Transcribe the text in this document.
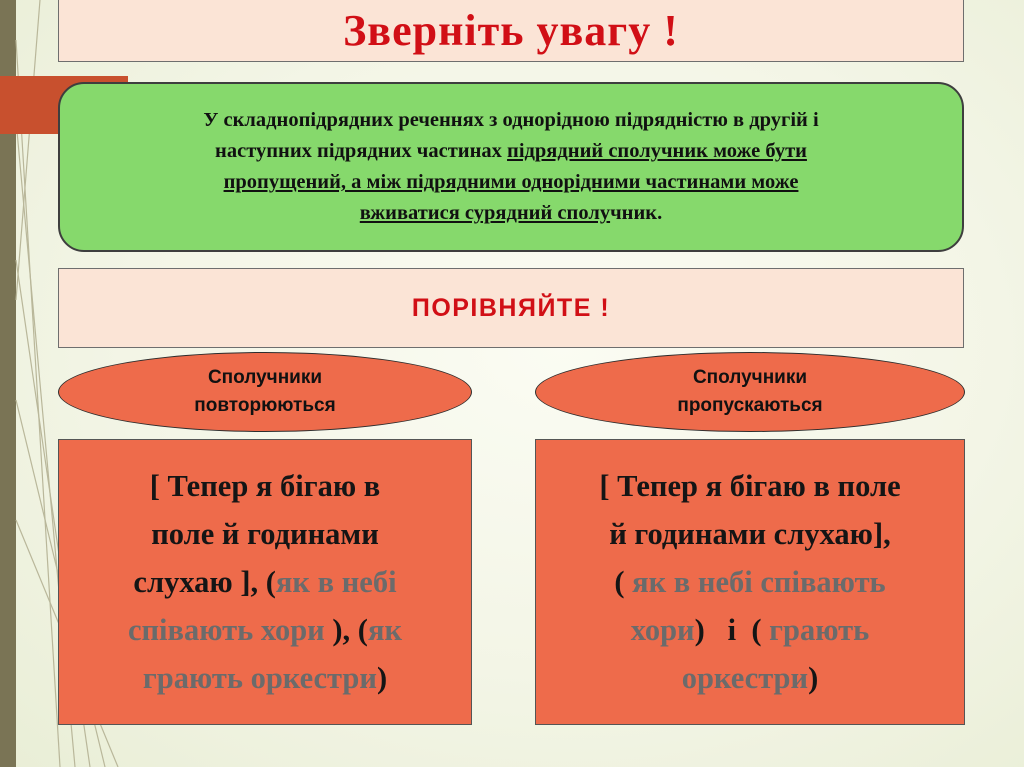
Зверніть увагу !
У складнопідрядних реченнях з однорідною підрядністю в другій і
наступних підрядних частинах підрядний сполучник може бути
пропущений, а між підрядними однорідними частинами може
вживатися сурядний сполучник.
ПОРІВНЯЙТЕ !
Сполучники
повторюються
Сполучники
пропускаються
[ Тепер я бігаю в
поле й годинами
слухаю ], (як в небі
співають хори ), (як
грають оркестри)
[ Тепер я бігаю в поле
й годинами слухаю],
( як в небі співають
хори)   і  ( грають
оркестри)
